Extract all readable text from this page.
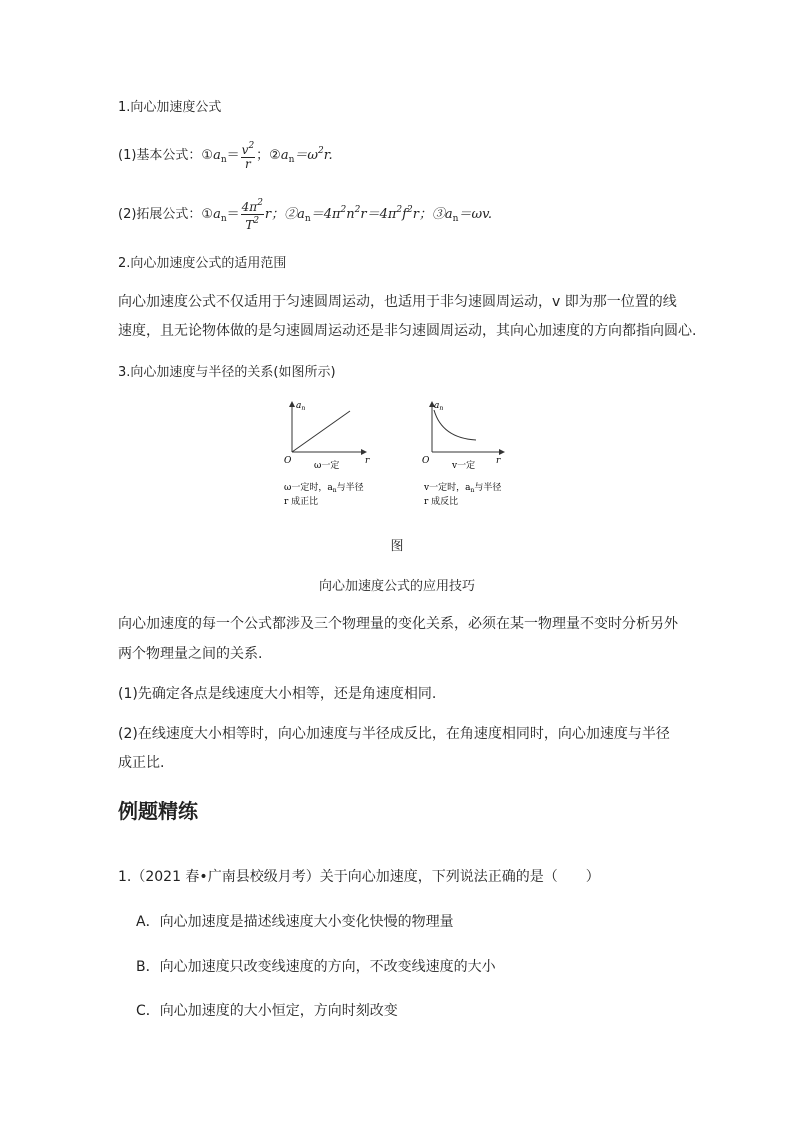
1.向心加速度公式
(1)基本公式：$①a_n= \frac{v^2}{r}$ ；$②a_n=\omega^2r$.
(2)拓展公式：$①a_n= \frac{4\pi^2}{T^2}$ r；$②a_n=4\pi^2n^2r=4\pi^2f^2r$；$③a_n=\omega v$.
2.向心加速度公式的适用范围
向心加速度公式不仅适用于匀速圆周运动，也适用于非匀速圆周运动，v 即为那一位置的线
速度，且无论物体做的是匀速圆周运动还是非匀速圆周运动，其向心加速度的方向都指向圆心.
3.向心加速度与半径的关系(如图所示)
$a_n$
O	r
ω一定
ω一定时，$a_n$与半径
r 成正比
$a_n$
O	r
v一定
v一定时，$a_n$与半径
r 成反比
图
向心加速度公式的应用技巧
向心加速度的每一个公式都涉及三个物理量的变化关系，必须在某一物理量不变时分析另外
两个物理量之间的关系.
(1)先确定各点是线速度大小相等，还是角速度相同.
(2)在线速度大小相等时，向心加速度与半径成反比，在角速度相同时，向心加速度与半径
成正比.
例题精练
1.（2021 春•广南县校级月考）关于向心加速度，下列说法正确的是（　　）
A．向心加速度是描述线速度大小变化快慢的物理量
B．向心加速度只改变线速度的方向，不改变线速度的大小
C．向心加速度的大小恒定，方向时刻改变
